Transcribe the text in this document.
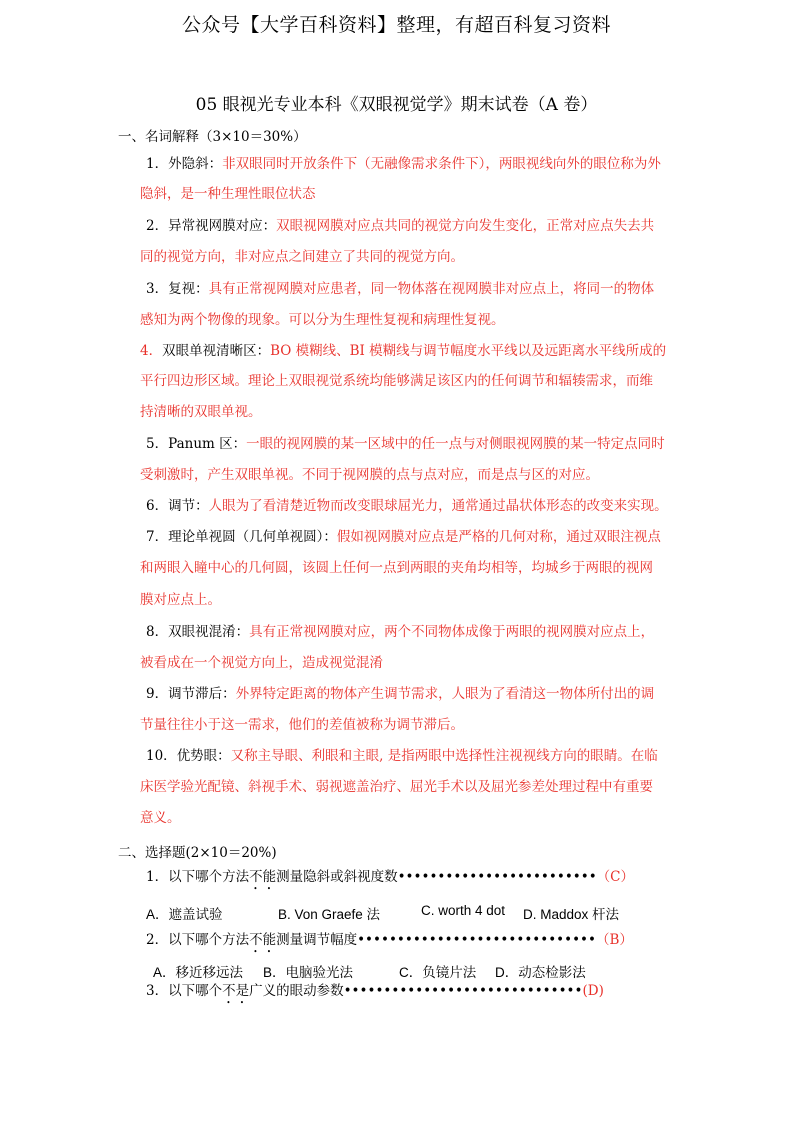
公众号【大学百科资料】整理，有超百科复习资料
05 眼视光专业本科《双眼视觉学》期末试卷（A 卷）
一、名词解释（3×10＝30%）
1．外隐斜：非双眼同时开放条件下（无融像需求条件下），两眼视线向外的眼位称为外
隐斜，是一种生理性眼位状态
2．异常视网膜对应：双眼视网膜对应点共同的视觉方向发生变化，正常对应点失去共
同的视觉方向，非对应点之间建立了共同的视觉方向。
3．复视：具有正常视网膜对应患者，同一物体落在视网膜非对应点上，将同一的物体
感知为两个物像的现象。可以分为生理性复视和病理性复视。
4．双眼单视清晰区：BO 模糊线、BI 模糊线与调节幅度水平线以及远距离水平线所成的
平行四边形区域。理论上双眼视觉系统均能够满足该区内的任何调节和辐辏需求，而维
持清晰的双眼单视。
5．Panum 区：一眼的视网膜的某一区域中的任一点与对侧眼视网膜的某一特定点同时
受刺激时，产生双眼单视。不同于视网膜的点与点对应，而是点与区的对应。
6．调节：人眼为了看清楚近物而改变眼球屈光力，通常通过晶状体形态的改变来实现。
7．理论单视圆（几何单视圆）：假如视网膜对应点是严格的几何对称，通过双眼注视点
和两眼入瞳中心的几何圆，该圆上任何一点到两眼的夹角均相等，均城乡于两眼的视网
膜对应点上。
8．双眼视混淆：具有正常视网膜对应，两个不同物体成像于两眼的视网膜对应点上，
被看成在一个视觉方向上，造成视觉混淆
9．调节滞后：外界特定距离的物体产生调节需求，人眼为了看清这一物体所付出的调
节量往往小于这一需求，他们的差值被称为调节滞后。
10．优势眼：又称主导眼、利眼和主眼, 是指两眼中选择性注视视线方向的眼睛。在临
床医学验光配镜、斜视手术、弱视遮盖治疗、屈光手术以及屈光参差处理过程中有重要
意义。
二、选择题(2×10＝20%)
1．以下哪个方法不能测量隐斜或斜视度数•••••••••••••••••••••••••（C）
A．遮盖试验	B. Von Graefe 法	C. worth 4 dot D. Maddox 杆法
2．以下哪个方法不能测量调节幅度••••••••••••••••••••••••••••••（B）
A．移近移远法 B．电脑验光法	C．负镜片法 D．动态检影法
3．以下哪个不是广义的眼动参数••••••••••••••••••••••••••••••(D)
